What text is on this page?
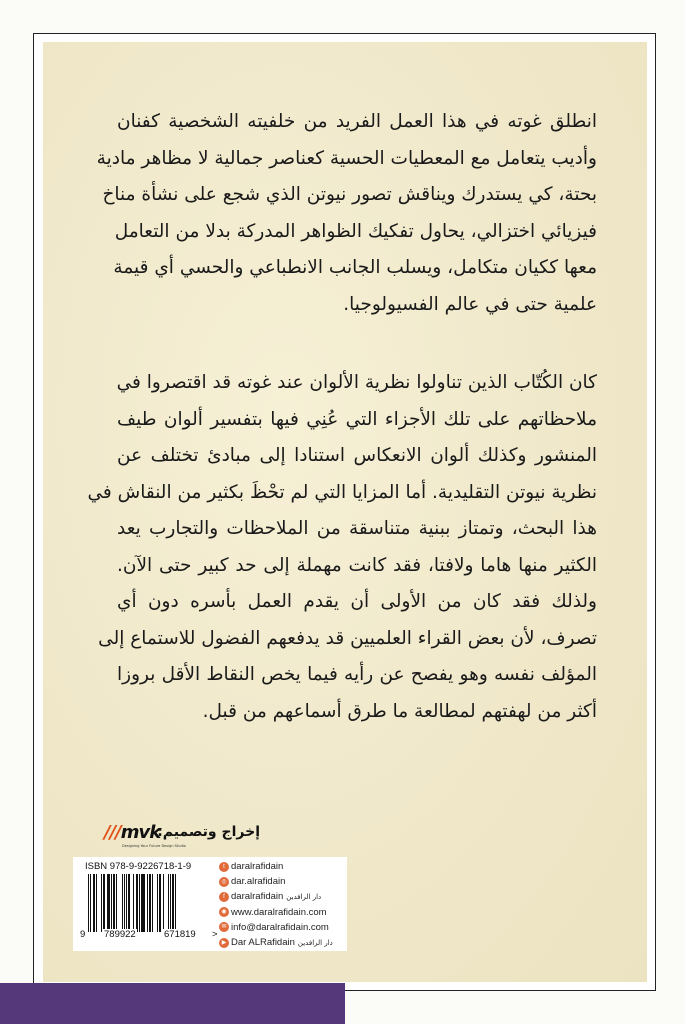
انطلق غوته في هذا العمل الفريد من خلفيته الشخصية كفنان
وأديب يتعامل مع المعطيات الحسية كعناصر جمالية لا مظاهر مادية
بحتة، كي يستدرك ويناقش تصور نيوتن الذي شجع على نشأة مناخ
فيزيائي اختزالي، يحاول تفكيك الظواهر المدركة بدلا من التعامل
معها ككيان متكامل، ويسلب الجانب الانطباعي والحسي أي قيمة
علمية حتى في عالم الفسيولوجيا.
كان الكُتّاب الذين تناولوا نظرية الألوان عند غوته قد اقتصروا في
ملاحظاتهم على تلك الأجزاء التي عُنِي فيها بتفسير ألوان طيف
المنشور وكذلك ألوان الانعكاس استنادا إلى مبادئ تختلف عن
نظرية نيوتن التقليدية. أما المزايا التي لم تحْظَ بكثير من النقاش في
هذا البحث، وتمتاز ببنية متناسقة من الملاحظات والتجارب يعد
الكثير منها هاما ولافتا، فقد كانت مهملة إلى حد كبير حتى الآن.
ولذلك فقد كان من الأولى أن يقدم العمل بأسره دون أي
تصرف، لأن بعض القراء العلميين قد يدفعهم الفضول للاستماع إلى
المؤلف نفسه وهو يفصح عن رأيه فيما يخص النقاط الأقل بروزا
أكثر من لهفتهم لمطالعة ما طرق أسماعهم من قبل.
///mvk
Designing Your Future Design Studio
إخراج وتصميم:
ISBN 978-9-9226718-1-9
9 789922	671819 >
t daralrafidain
◎ dar.alrafidain
f daralrafidain دار الرافدين
◉ www.daralrafidain.com
✉ info@daralrafidain.com
▶ Dar ALRafidain دار الرافدين
